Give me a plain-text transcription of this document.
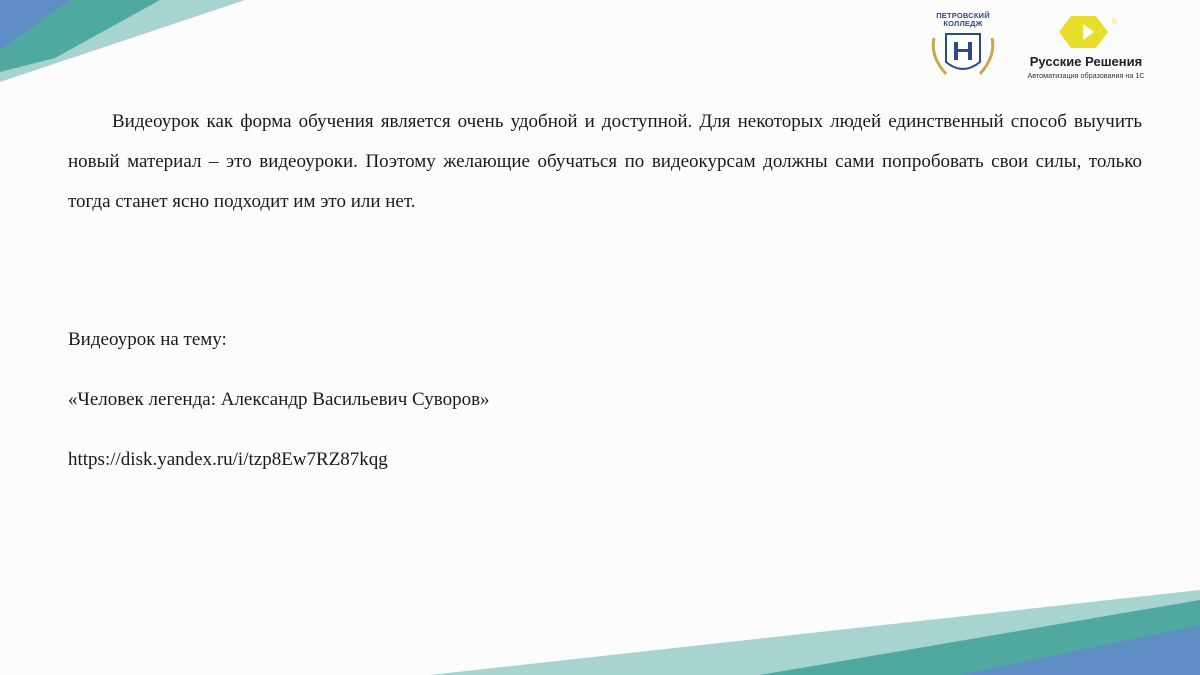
ПЕТРОВСКИЙ КОЛЛЕДЖ	®
Русские Решения
Автоматизация образования на 1С

Видеоурок как форма обучения является очень удобной и доступной. Для некоторых людей единственный способ выучить новый материал – это видеоуроки. Поэтому желающие обучаться по видеокурсам должны сами попробовать свои силы, только тогда станет ясно подходит им это или нет.

Видеоурок на тему:
«Человек легенда: Александр Васильевич Суворов»
https://disk.yandex.ru/i/tzp8Ew7RZ87kqg
